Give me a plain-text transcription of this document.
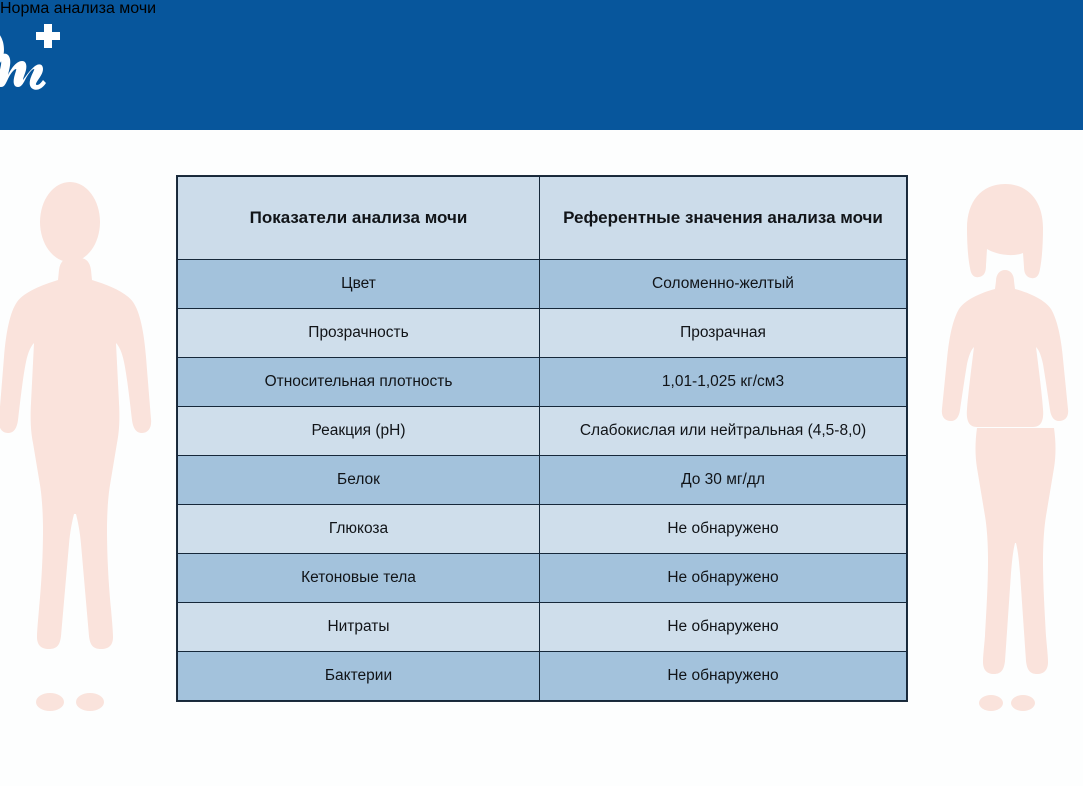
Норма анализа мочи
Показатели анализа мочи	Референтные значения анализа мочи
Цвет	Соломенно-желтый
Прозрачность	Прозрачная
Относительная плотность	1,01-1,025 кг/см3
Реакция (pH)	Слабокислая или нейтральная (4,5-8,0)
Белок	До 30 мг/дл
Глюкоза	Не обнаружено
Кетоновые тела	Не обнаружено
Нитраты	Не обнаружено
Бактерии	Не обнаружено
